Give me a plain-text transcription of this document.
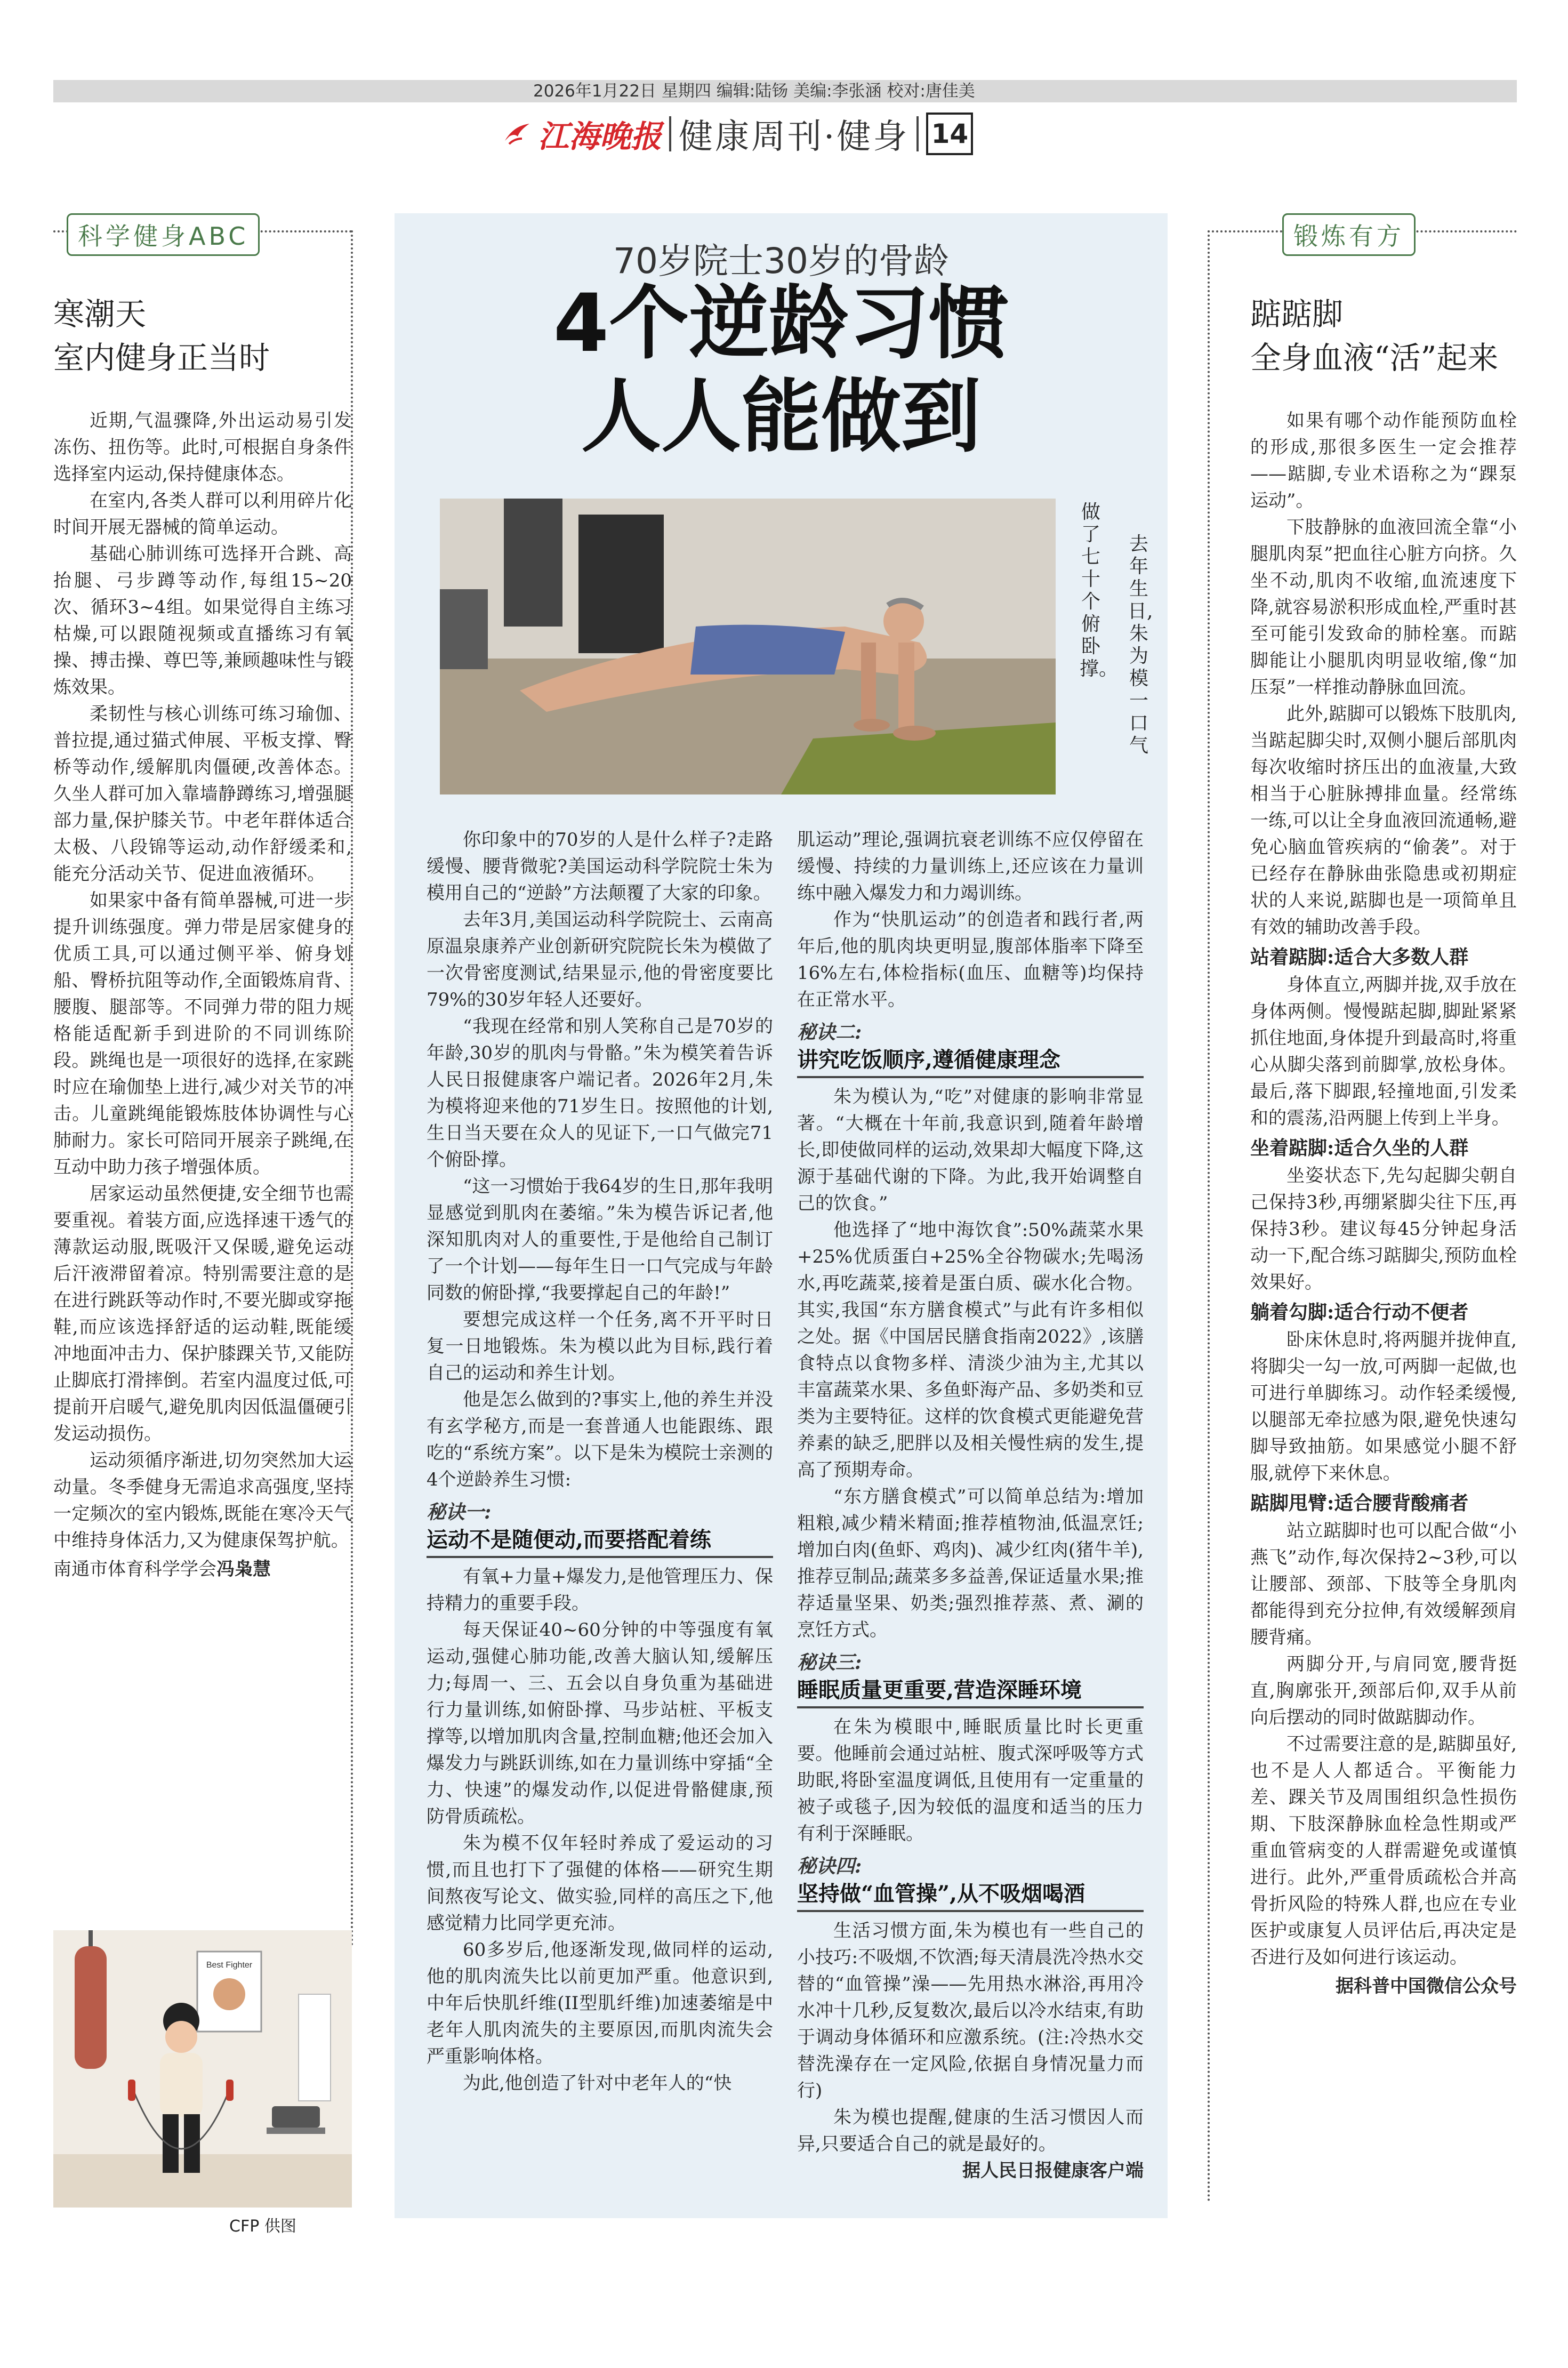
2026年1月22日 星期四 编辑:陆钖 美编:李张涵 校对:唐佳美
江海晚报 健康周刊·健身 14
科学健身ABC
寒潮天
室内健身正当时

近期,气温骤降,外出运动易引发冻伤、扭伤等。此时,可根据自身条件选择室内运动,保持健康体态。

在室内,各类人群可以利用碎片化时间开展无器械的简单运动。

基础心肺训练可选择开合跳、高抬腿、弓步蹲等动作,每组15~20次、循环3~4组。如果觉得自主练习枯燥,可以跟随视频或直播练习有氧操、搏击操、尊巴等,兼顾趣味性与锻炼效果。

柔韧性与核心训练可练习瑜伽、普拉提,通过猫式伸展、平板支撑、臀桥等动作,缓解肌肉僵硬,改善体态。久坐人群可加入靠墙静蹲练习,增强腿部力量,保护膝关节。中老年群体适合太极、八段锦等运动,动作舒缓柔和,能充分活动关节、促进血液循环。

如果家中备有简单器械,可进一步提升训练强度。弹力带是居家健身的优质工具,可以通过侧平举、俯身划船、臀桥抗阻等动作,全面锻炼肩背、腰腹、腿部等。不同弹力带的阻力规格能适配新手到进阶的不同训练阶段。跳绳也是一项很好的选择,在家跳时应在瑜伽垫上进行,减少对关节的冲击。儿童跳绳能锻炼肢体协调性与心肺耐力。家长可陪同开展亲子跳绳,在互动中助力孩子增强体质。

居家运动虽然便捷,安全细节也需要重视。着装方面,应选择速干透气的薄款运动服,既吸汗又保暖,避免运动后汗液滞留着凉。特别需要注意的是在进行跳跃等动作时,不要光脚或穿拖鞋,而应该选择舒适的运动鞋,既能缓冲地面冲击力、保护膝踝关节,又能防止脚底打滑摔倒。若室内温度过低,可提前开启暖气,避免肌肉因低温僵硬引发运动损伤。

运动须循序渐进,切勿突然加大运动量。冬季健身无需追求高强度,坚持一定频次的室内锻炼,既能在寒冷天气中维持身体活力,又为健康保驾护航。

南通市体育科学学会冯枭慧
Best Fighter
CFP 供图
70岁院士30岁的骨龄
4个逆龄习惯
人人能做到
去年生日,朱为模一口气
做了七十个俯卧撑。

你印象中的70岁的人是什么样子?走路缓慢、腰背微驼?美国运动科学院院士朱为模用自己的“逆龄”方法颠覆了大家的印象。

去年3月,美国运动科学院院士、云南高原温泉康养产业创新研究院院长朱为模做了一次骨密度测试,结果显示,他的骨密度要比79%的30岁年轻人还要好。

“我现在经常和别人笑称自己是70岁的年龄,30岁的肌肉与骨骼。”朱为模笑着告诉人民日报健康客户端记者。2026年2月,朱为模将迎来他的71岁生日。按照他的计划,生日当天要在众人的见证下,一口气做完71个俯卧撑。

“这一习惯始于我64岁的生日,那年我明显感觉到肌肉在萎缩。”朱为模告诉记者,他深知肌肉对人的重要性,于是他给自己制订了一个计划——每年生日一口气完成与年龄同数的俯卧撑,“我要撑起自己的年龄!”

要想完成这样一个任务,离不开平时日复一日地锻炼。朱为模以此为目标,践行着自己的运动和养生计划。

他是怎么做到的?事实上,他的养生并没有玄学秘方,而是一套普通人也能跟练、跟吃的“系统方案”。以下是朱为模院士亲测的4个逆龄养生习惯:

秘诀一:
运动不是随便动,而要搭配着练

有氧+力量+爆发力,是他管理压力、保持精力的重要手段。

每天保证40~60分钟的中等强度有氧运动,强健心肺功能,改善大脑认知,缓解压力;每周一、三、五会以自身负重为基础进行力量训练,如俯卧撑、马步站桩、平板支撑等,以增加肌肉含量,控制血糖;他还会加入爆发力与跳跃训练,如在力量训练中穿插“全力、快速”的爆发动作,以促进骨骼健康,预防骨质疏松。

朱为模不仅年轻时养成了爱运动的习惯,而且也打下了强健的体格——研究生期间熬夜写论文、做实验,同样的高压之下,他感觉精力比同学更充沛。

60多岁后,他逐渐发现,做同样的运动,他的肌肉流失比以前更加严重。他意识到,中年后快肌纤维(II型肌纤维)加速萎缩是中老年人肌肉流失的主要原因,而肌肉流失会严重影响体格。

为此,他创造了针对中老年人的“快

肌运动”理论,强调抗衰老训练不应仅停留在缓慢、持续的力量训练上,还应该在力量训练中融入爆发力和力竭训练。

作为“快肌运动”的创造者和践行者,两年后,他的肌肉块更明显,腹部体脂率下降至16%左右,体检指标(血压、血糖等)均保持在正常水平。

秘诀二:
讲究吃饭顺序,遵循健康理念

朱为模认为,“吃”对健康的影响非常显著。“大概在十年前,我意识到,随着年龄增长,即使做同样的运动,效果却大幅度下降,这源于基础代谢的下降。为此,我开始调整自己的饮食。”

他选择了“地中海饮食”:50%蔬菜水果+25%优质蛋白+25%全谷物碳水;先喝汤水,再吃蔬菜,接着是蛋白质、碳水化合物。其实,我国“东方膳食模式”与此有许多相似之处。据《中国居民膳食指南2022》,该膳食特点以食物多样、清淡少油为主,尤其以丰富蔬菜水果、多鱼虾海产品、多奶类和豆类为主要特征。这样的饮食模式更能避免营养素的缺乏,肥胖以及相关慢性病的发生,提高了预期寿命。

“东方膳食模式”可以简单总结为:增加粗粮,减少精米精面;推荐植物油,低温烹饪;增加白肉(鱼虾、鸡肉)、减少红肉(猪牛羊),推荐豆制品;蔬菜多多益善,保证适量水果;推荐适量坚果、奶类;强烈推荐蒸、煮、涮的烹饪方式。

秘诀三:
睡眠质量更重要,营造深睡环境

在朱为模眼中,睡眠质量比时长更重要。他睡前会通过站桩、腹式深呼吸等方式助眠,将卧室温度调低,且使用有一定重量的被子或毯子,因为较低的温度和适当的压力有利于深睡眠。

秘诀四:
坚持做“血管操”,从不吸烟喝酒

生活习惯方面,朱为模也有一些自己的小技巧:不吸烟,不饮酒;每天清晨洗冷热水交替的“血管操”澡——先用热水淋浴,再用冷水冲十几秒,反复数次,最后以冷水结束,有助于调动身体循环和应激系统。(注:冷热水交替洗澡存在一定风险,依据自身情况量力而行)

朱为模也提醒,健康的生活习惯因人而异,只要适合自己的就是最好的。

据人民日报健康客户端
锻炼有方
踮踮脚
全身血液“活”起来

如果有哪个动作能预防血栓的形成,那很多医生一定会推荐——踮脚,专业术语称之为“踝泵运动”。

下肢静脉的血液回流全靠“小腿肌肉泵”把血往心脏方向挤。久坐不动,肌肉不收缩,血流速度下降,就容易淤积形成血栓,严重时甚至可能引发致命的肺栓塞。而踮脚能让小腿肌肉明显收缩,像“加压泵”一样推动静脉血回流。

此外,踮脚可以锻炼下肢肌肉,当踮起脚尖时,双侧小腿后部肌肉每次收缩时挤压出的血液量,大致相当于心脏脉搏排血量。经常练一练,可以让全身血液回流通畅,避免心脑血管疾病的“偷袭”。对于已经存在静脉曲张隐患或初期症状的人来说,踮脚也是一项简单且有效的辅助改善手段。

站着踮脚:适合大多数人群

身体直立,两脚并拢,双手放在身体两侧。慢慢踮起脚,脚趾紧紧抓住地面,身体提升到最高时,将重心从脚尖落到前脚掌,放松身体。最后,落下脚跟,轻撞地面,引发柔和的震荡,沿两腿上传到上半身。

坐着踮脚:适合久坐的人群

坐姿状态下,先勾起脚尖朝自己保持3秒,再绷紧脚尖往下压,再保持3秒。建议每45分钟起身活动一下,配合练习踮脚尖,预防血栓效果好。

躺着勾脚:适合行动不便者

卧床休息时,将两腿并拢伸直,将脚尖一勾一放,可两脚一起做,也可进行单脚练习。动作轻柔缓慢,以腿部无牵拉感为限,避免快速勾脚导致抽筋。如果感觉小腿不舒服,就停下来休息。

踮脚甩臂:适合腰背酸痛者

站立踮脚时也可以配合做“小燕飞”动作,每次保持2~3秒,可以让腰部、颈部、下肢等全身肌肉都能得到充分拉伸,有效缓解颈肩腰背痛。

两脚分开,与肩同宽,腰背挺直,胸廓张开,颈部后仰,双手从前向后摆动的同时做踮脚动作。

不过需要注意的是,踮脚虽好,也不是人人都适合。平衡能力差、踝关节及周围组织急性损伤期、下肢深静脉血栓急性期或严重血管病变的人群需避免或谨慎进行。此外,严重骨质疏松合并高骨折风险的特殊人群,也应在专业医护或康复人员评估后,再决定是否进行及如何进行该运动。

据科普中国微信公众号
